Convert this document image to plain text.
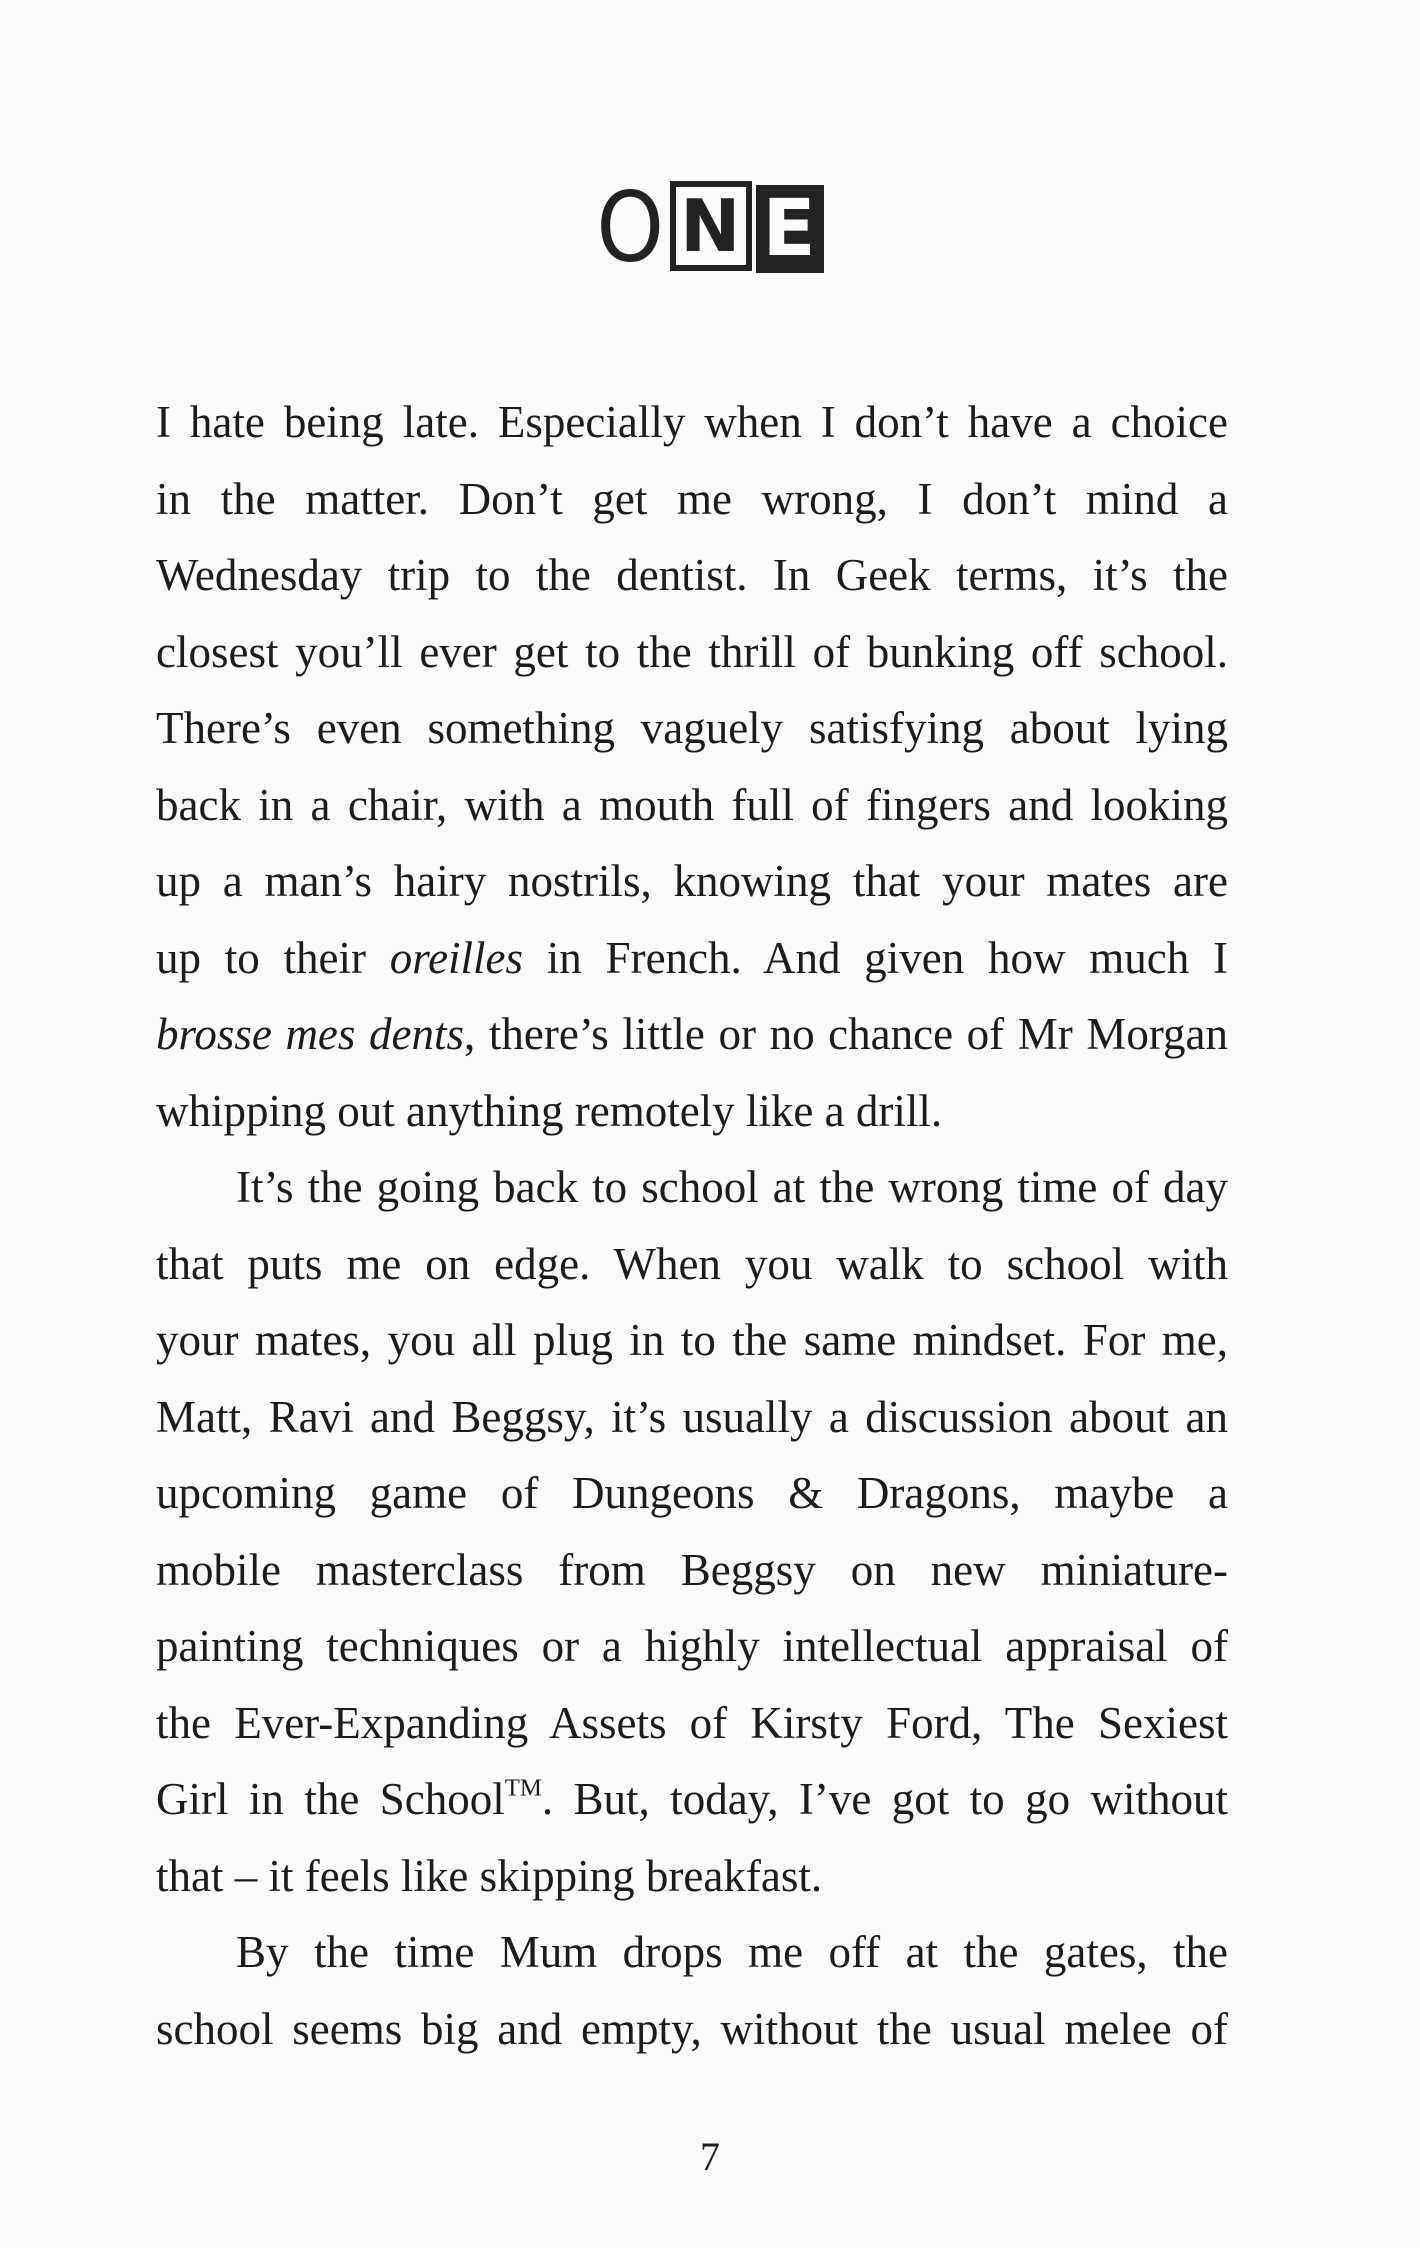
O N E
I hate being late. Especially when I don’t have a choice
in the matter. Don’t get me wrong, I don’t mind a
Wednesday trip to the dentist. In Geek terms, it’s the
closest you’ll ever get to the thrill of bunking off school.
There’s even something vaguely satisfying about lying
back in a chair, with a mouth full of fingers and looking
up a man’s hairy nostrils, knowing that your mates are
up to their oreilles in French. And given how much I
brosse mes dents, there’s little or no chance of Mr Morgan
whipping out anything remotely like a drill.
It’s the going back to school at the wrong time of day
that puts me on edge. When you walk to school with
your mates, you all plug in to the same mindset. For me,
Matt, Ravi and Beggsy, it’s usually a discussion about an
upcoming game of Dungeons & Dragons, maybe a
mobile masterclass from Beggsy on new miniature-
painting techniques or a highly intellectual appraisal of
the Ever-Expanding Assets of Kirsty Ford, The Sexiest
Girl in the School™. But, today, I’ve got to go without
that – it feels like skipping breakfast.
By the time Mum drops me off at the gates, the
school seems big and empty, without the usual melee of
7
